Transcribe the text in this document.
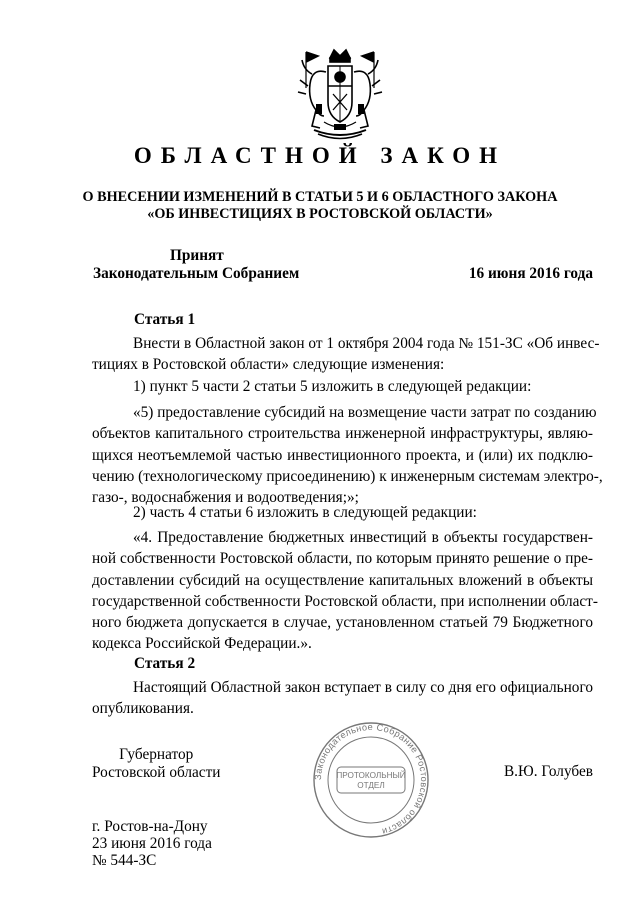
ОБЛАСТНОЙ ЗАКОН
О ВНЕСЕНИИ ИЗМЕНЕНИЙ В СТАТЬИ 5 И 6 ОБЛАСТНОГО ЗАКОНА
«ОБ ИНВЕСТИЦИЯХ В РОСТОВСКОЙ ОБЛАСТИ»
Принят
Законодательным Собранием	16 июня 2016 года
Статья 1
Внести в Областной закон от 1 октября 2004 года № 151-ЗС «Об инвес-
тициях в Ростовской области» следующие изменения:
1) пункт 5 части 2 статьи 5 изложить в следующей редакции:
«5) предоставление субсидий на возмещение части затрат по созданию
объектов капитального строительства инженерной инфраструктуры, являю-
щихся неотъемлемой частью инвестиционного проекта, и (или) их подклю-
чению (технологическому присоединению) к инженерным системам электро-,
газо-, водоснабжения и водоотведения;»;
2) часть 4 статьи 6 изложить в следующей редакции:
«4. Предоставление бюджетных инвестиций в объекты государствен-
ной собственности Ростовской области, по которым принято решение о пре-
доставлении субсидий на осуществление капитальных вложений в объекты
государственной собственности Ростовской области, при исполнении област-
ного бюджета допускается в случае, установленном статьей 79 Бюджетного
кодекса Российской Федерации.».
Статья 2
Настоящий Областной закон вступает в силу со дня его официального
опубликования.
Губернатор
Ростовской области	Законодательное Собрание Ростовской области
ПРОТОКОЛЬНЫЙ
ОТДЕЛ
В.Ю. Голубев
г. Ростов-на-Дону
23 июня 2016 года
№ 544-ЗС
